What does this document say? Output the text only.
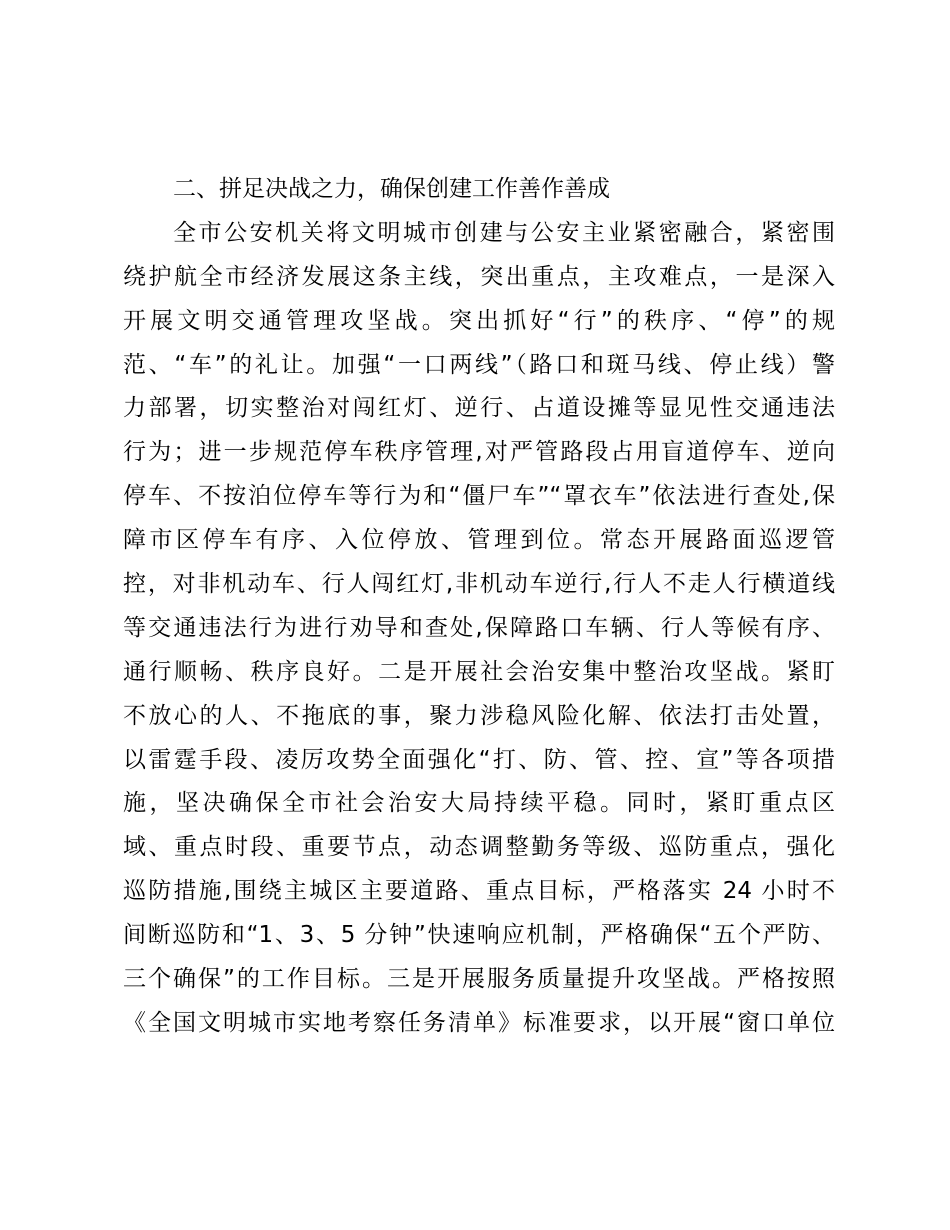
二、拼足决战之力，确保创建工作善作善成
全市公安机关将文明城市创建与公安主业紧密融合，紧密围
绕护航全市经济发展这条主线，突出重点，主攻难点，一是深入
开展文明交通管理攻坚战。突出抓好“行”的秩序、“停”的规
范、“车”的礼让。加强“一口两线”（路口和斑马线、停止线）警
力部署，切实整治对闯红灯、逆行、占道设摊等显见性交通违法
行为；进一步规范停车秩序管理,对严管路段占用盲道停车、逆向
停车、不按泊位停车等行为和“僵尸车”“罩衣车”依法进行查处,保
障市区停车有序、入位停放、管理到位。常态开展路面巡逻管
控，对非机动车、行人闯红灯,非机动车逆行,行人不走人行横道线
等交通违法行为进行劝导和查处,保障路口车辆、行人等候有序、
通行顺畅、秩序良好。二是开展社会治安集中整治攻坚战。紧盯
不放心的人、不拖底的事，聚力涉稳风险化解、依法打击处置，
以雷霆手段、凌厉攻势全面强化“打、防、管、控、宣”等各项措
施，坚决确保全市社会治安大局持续平稳。同时，紧盯重点区
域、重点时段、重要节点，动态调整勤务等级、巡防重点，强化
巡防措施,围绕主城区主要道路、重点目标，严格落实 24 小时不
间断巡防和“1、3、5 分钟”快速响应机制，严格确保“五个严防、
三个确保”的工作目标。三是开展服务质量提升攻坚战。严格按照
《全国文明城市实地考察任务清单》标准要求，以开展“窗口单位
